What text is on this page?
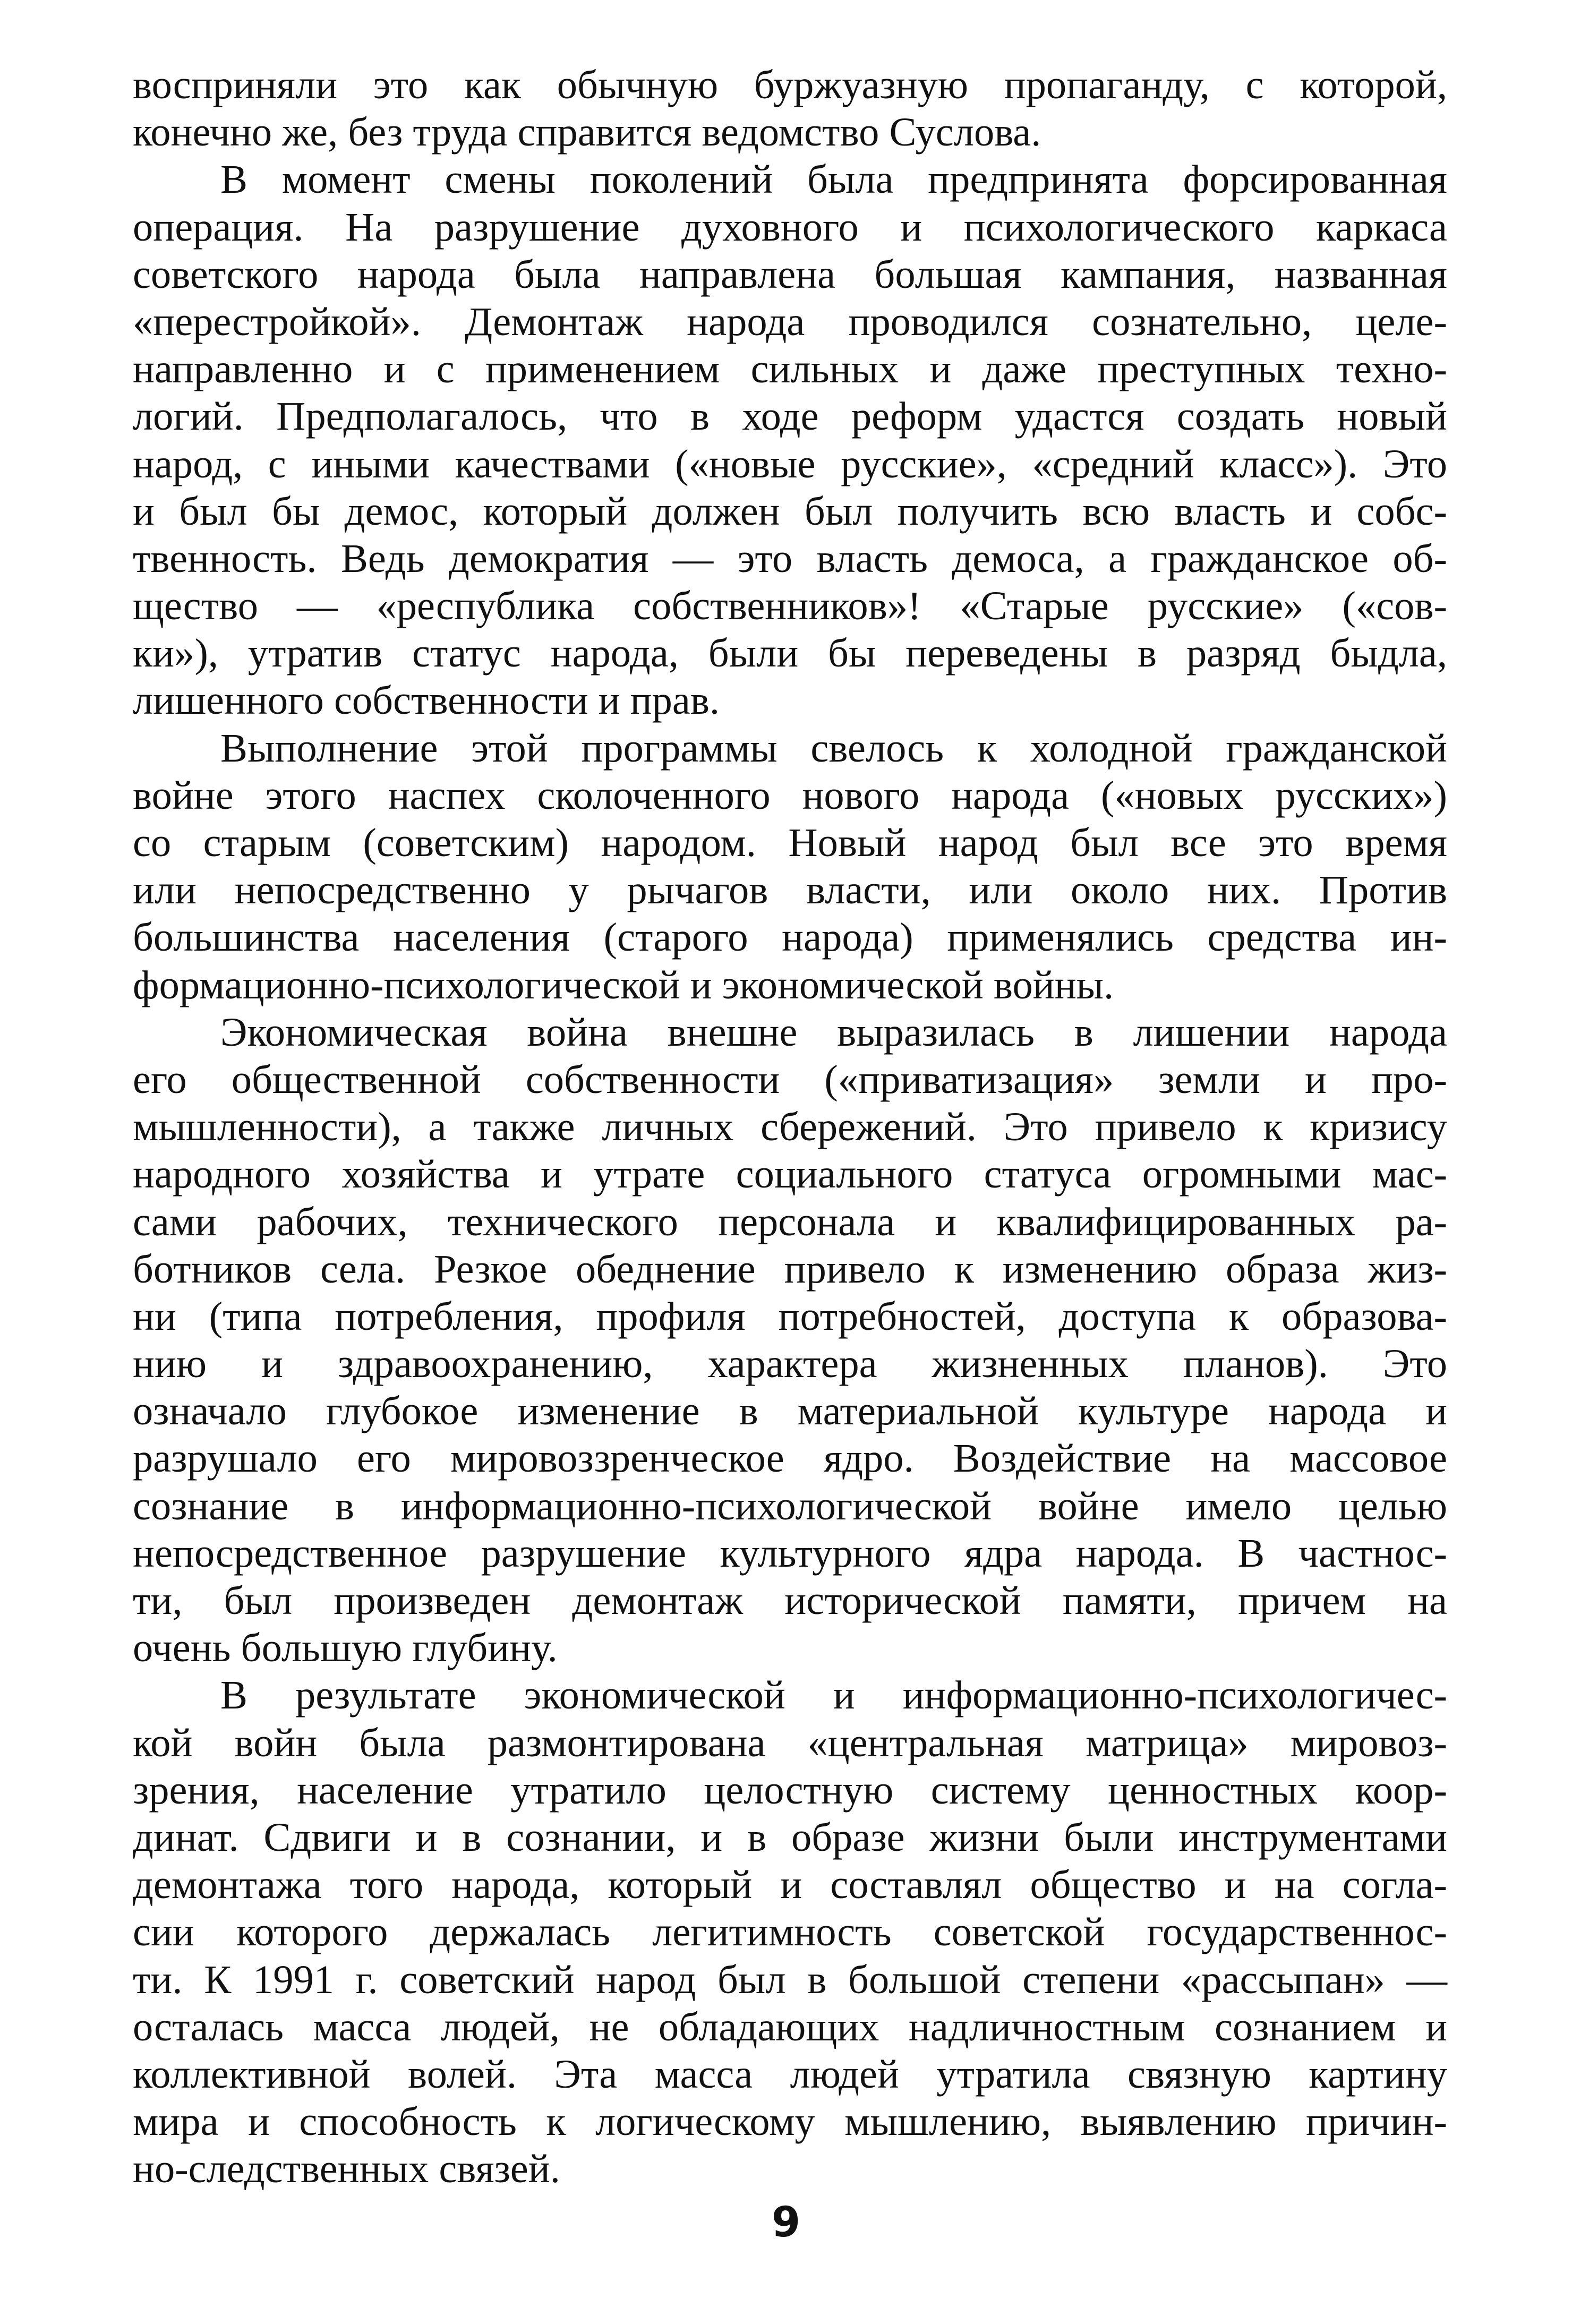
восприняли это как обычную буржуазную пропаганду, с которой,
конечно же, без труда справится ведомство Суслова.
В момент смены поколений была предпринята форсированная
операция. На разрушение духовного и психологического каркаса
советского народа была направлена большая кампания, названная
«перестройкой». Демонтаж народа проводился сознательно, целе-
направленно и с применением сильных и даже преступных техно-
логий. Предполагалось, что в ходе реформ удастся создать новый
народ, с иными качествами («новые русские», «средний класс»). Это
и был бы демос, который должен был получить всю власть и собс-
твенность. Ведь демократия — это власть демоса, а гражданское об-
щество — «республика собственников»! «Старые русские» («сов-
ки»), утратив статус народа, были бы переведены в разряд быдла,
лишенного собственности и прав.
Выполнение этой программы свелось к холодной гражданской
войне этого наспех сколоченного нового народа («новых русских»)
со старым (советским) народом. Новый народ был все это время
или непосредственно у рычагов власти, или около них. Против
большинства населения (старого народа) применялись средства ин-
формационно-психологической и экономической войны.
Экономическая война внешне выразилась в лишении народа
его общественной собственности («приватизация» земли и про-
мышленности), а также личных сбережений. Это привело к кризису
народного хозяйства и утрате социального статуса огромными мас-
сами рабочих, технического персонала и квалифицированных ра-
ботников села. Резкое обеднение привело к изменению образа жиз-
ни (типа потребления, профиля потребностей, доступа к образова-
нию и здравоохранению, характера жизненных планов). Это
означало глубокое изменение в материальной культуре народа и
разрушало его мировоззренческое ядро. Воздействие на массовое
сознание в информационно-психологической войне имело целью
непосредственное разрушение культурного ядра народа. В частнос-
ти, был произведен демонтаж исторической памяти, причем на
очень большую глубину.
В результате экономической и информационно-психологичес-
кой войн была размонтирована «центральная матрица» мировоз-
зрения, население утратило целостную систему ценностных коор-
динат. Сдвиги и в сознании, и в образе жизни были инструментами
демонтажа того народа, который и составлял общество и на согла-
сии которого держалась легитимность советской государственнос-
ти. К 1991 г. советский народ был в большой степени «рассыпан» —
осталась масса людей, не обладающих надличностным сознанием и
коллективной волей. Эта масса людей утратила связную картину
мира и способность к логическому мышлению, выявлению причин-
но-следственных связей.
9
